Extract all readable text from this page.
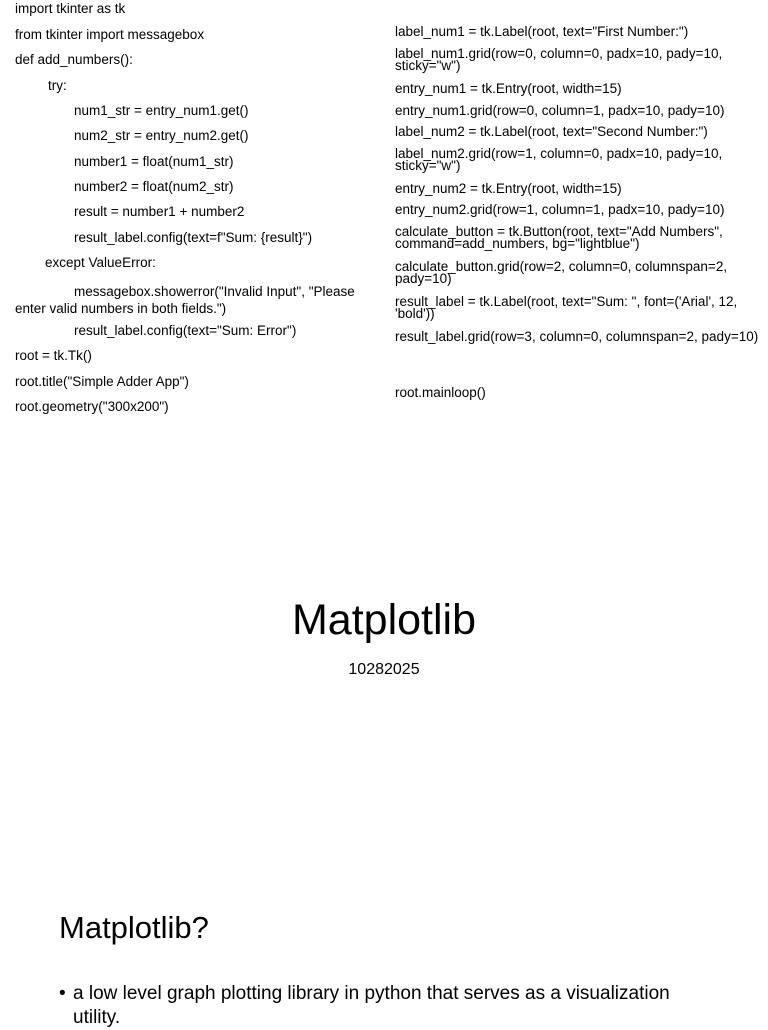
import tkinter as tk
from tkinter import messagebox
def add_numbers():
try:
num1_str = entry_num1.get()
num2_str = entry_num2.get()
number1 = float(num1_str)
number2 = float(num2_str)
result = number1 + number2
result_label.config(text=f"Sum: {result}")
except ValueError:
messagebox.showerror("Invalid Input", "Please enter valid numbers in both fields.")
result_label.config(text="Sum: Error")
root = tk.Tk()
root.title("Simple Adder App")
root.geometry("300x200")
label_num1 = tk.Label(root, text="First Number:")
label_num1.grid(row=0, column=0, padx=10, pady=10, sticky="w")
entry_num1 = tk.Entry(root, width=15)
entry_num1.grid(row=0, column=1, padx=10, pady=10)
label_num2 = tk.Label(root, text="Second Number:")
label_num2.grid(row=1, column=0, padx=10, pady=10, sticky="w")
entry_num2 = tk.Entry(root, width=15)
entry_num2.grid(row=1, column=1, padx=10, pady=10)
calculate_button = tk.Button(root, text="Add Numbers", command=add_numbers, bg="lightblue")
calculate_button.grid(row=2, column=0, columnspan=2, pady=10)
result_label = tk.Label(root, text="Sum: ", font=('Arial', 12, 'bold'))
result_label.grid(row=3, column=0, columnspan=2, pady=10)
root.mainloop()
Matplotlib
10282025
Matplotlib?
• a low level graph plotting library in python that serves as a visualization utility.
